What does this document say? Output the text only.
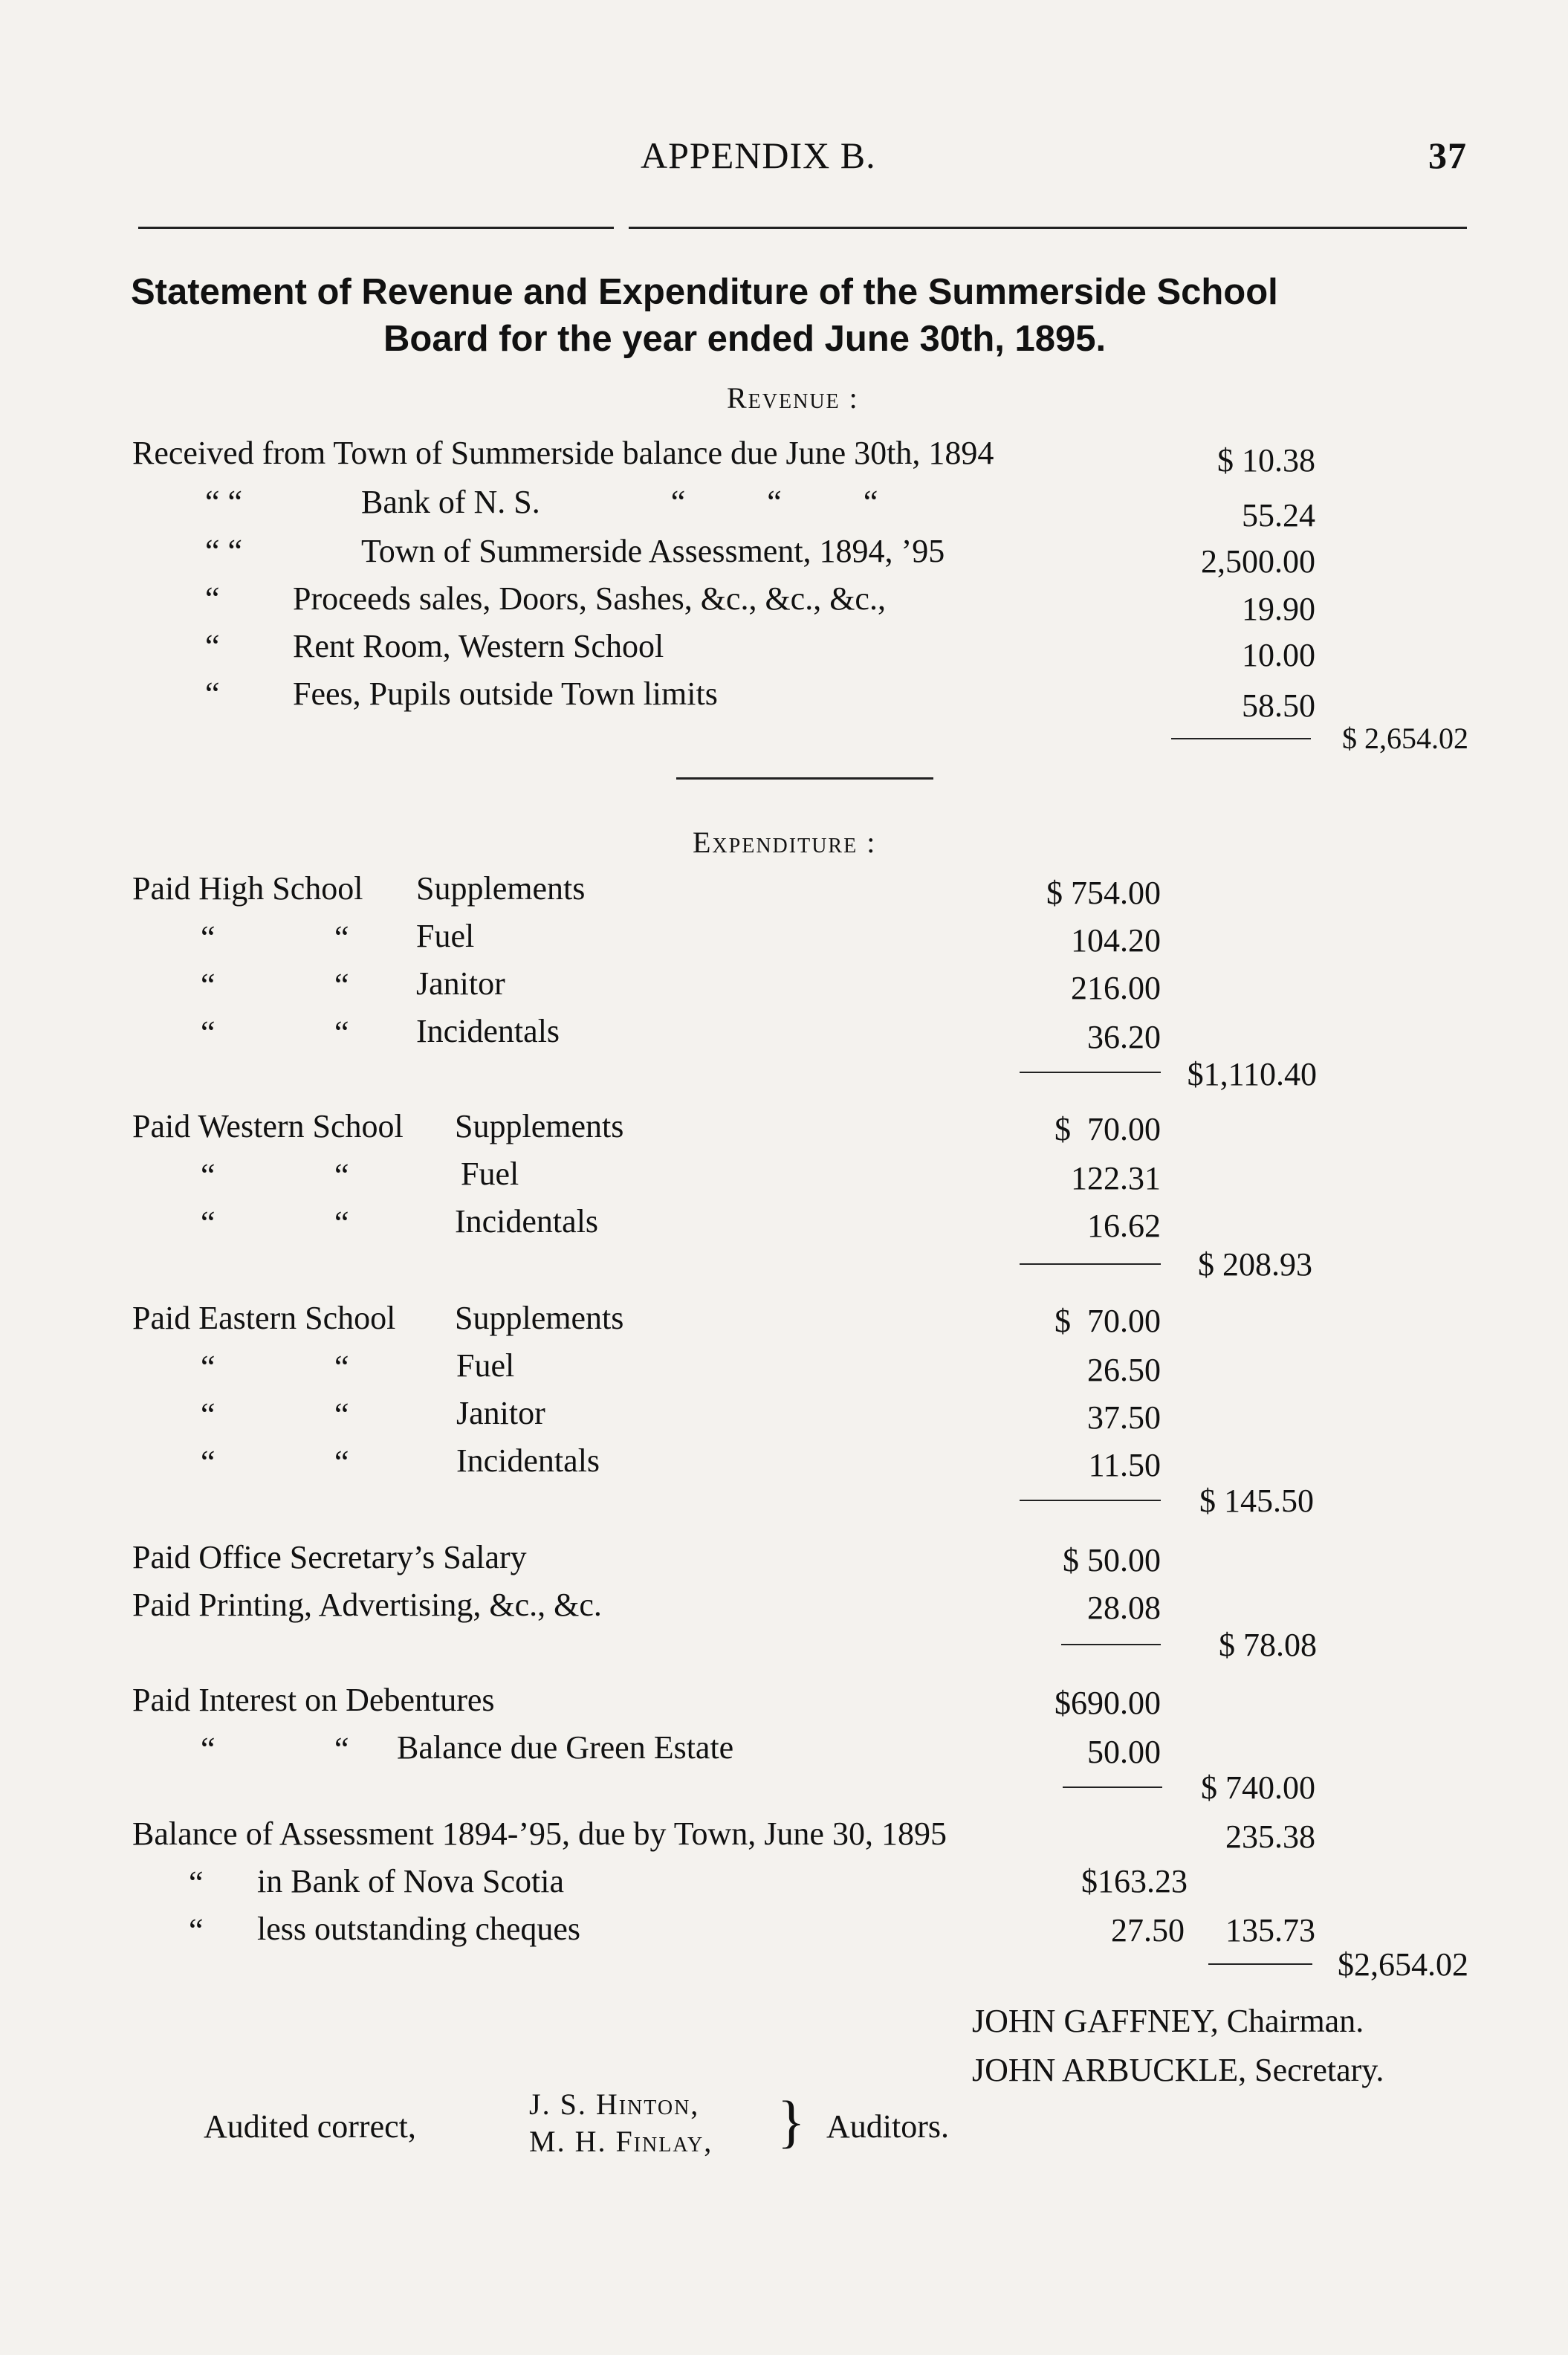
APPENDIX B.	37
Statement of Revenue and Expenditure of the Summerside School
Board for the year ended June 30th, 1895.
Revenue :
Received from Town of Summerside balance due June 30th, 1894	$ 10.38
“ “	Bank of N. S.                “          “          “	55.24
“ “	Town of Summerside Assessment, 1894, ’95	2,500.00
“ Proceeds sales, Doors, Sashes, &c., &c., &c.,	19.90
“ Rent Room, Western School	10.00
“ Fees, Pupils outside Town limits	58.50
$ 2,654.02
Expenditure :
Paid High School Supplements	$ 754.00
“	“ Fuel	104.20
“	“ Janitor	216.00
“	“ Incidentals	36.20
$1,110.40
Paid Western School Supplements	$  70.00
“	“	Fuel	122.31
“	“	Incidentals	16.62
$ 208.93
Paid Eastern School Supplements	$  70.00
“	“	Fuel	26.50
“	“	Janitor	37.50
“	“	Incidentals	11.50
$ 145.50
Paid Office Secretary’s Salary	$ 50.00
Paid Printing, Advertising, &c., &c.	28.08
$ 78.08
Paid Interest on Debentures	$690.00
“	“ Balance due Green Estate	50.00
$ 740.00
Balance of Assessment 1894-’95, due by Town, June 30, 1895	235.38
“ in Bank of Nova Scotia	$163.23
“ less outstanding cheques	27.50 135.73
$2,654.02
JOHN GAFFNEY, Chairman.
JOHN ARBUCKLE, Secretary.
Audited correct,
J. S. Hinton,
M. H. Finlay, } Auditors.
